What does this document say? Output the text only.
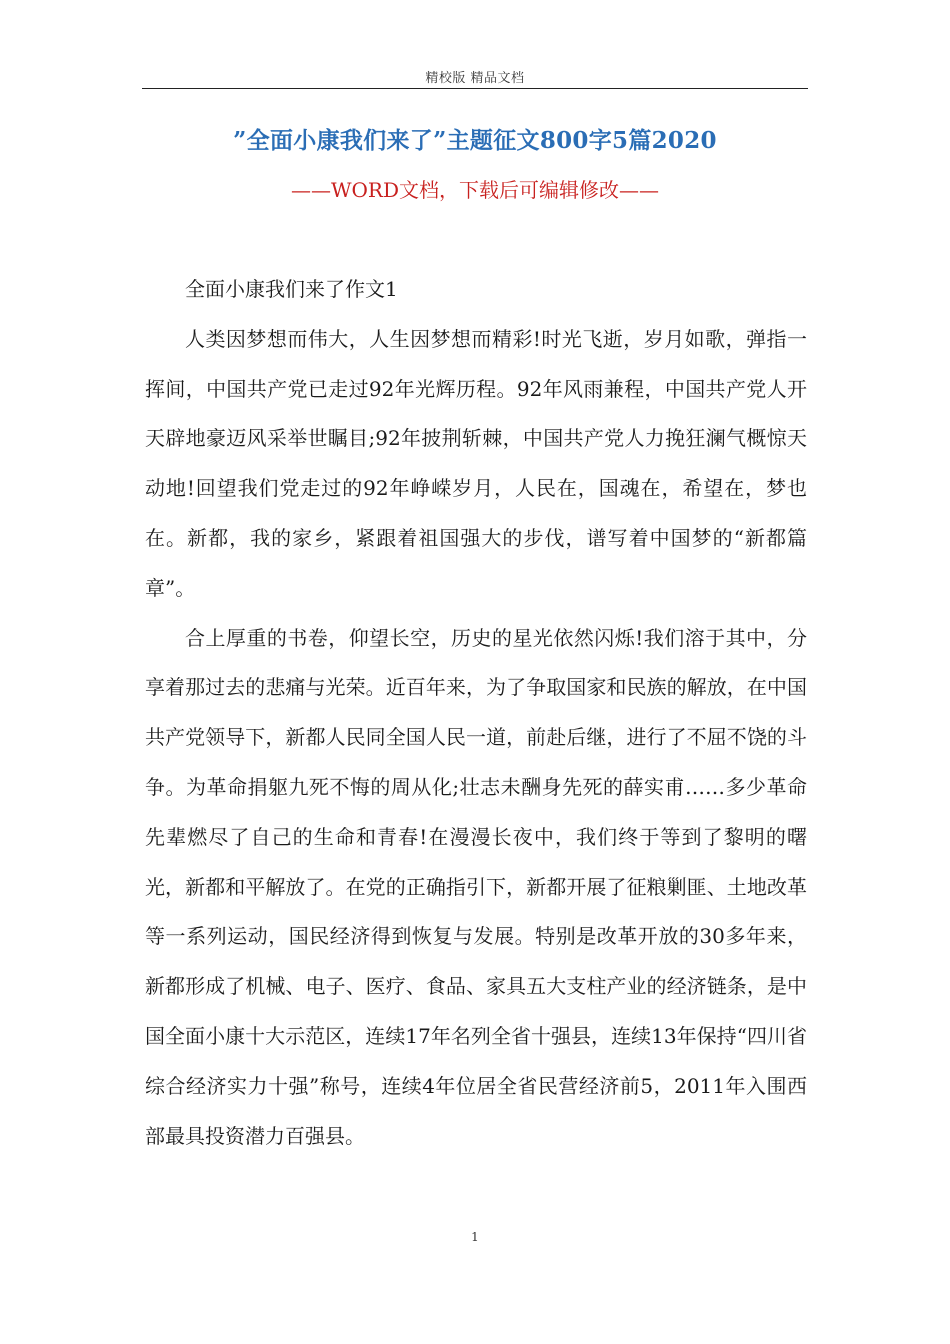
精校版 精品文档
”全面小康我们来了”主题征文800字5篇2020
——WORD文档，下载后可编辑修改——

全面小康我们来了作文1

人类因梦想而伟大，人生因梦想而精彩!时光飞逝，岁月如歌，弹指一挥间，中国共产党已走过92年光辉历程。92年风雨兼程，中国共产党人开天辟地豪迈风采举世瞩目;92年披荆斩棘，中国共产党人力挽狂澜气概惊天动地!回望我们党走过的92年峥嵘岁月，人民在，国魂在，希望在，梦也在。新都，我的家乡，紧跟着祖国强大的步伐，谱写着中国梦的“新都篇章”。

合上厚重的书卷，仰望长空，历史的星光依然闪烁!我们溶于其中，分享着那过去的悲痛与光荣。近百年来，为了争取国家和民族的解放，在中国共产党领导下，新都人民同全国人民一道，前赴后继，进行了不屈不饶的斗争。为革命捐躯九死不悔的周从化;壮志未酬身先死的薛实甫……多少革命先辈燃尽了自己的生命和青春!在漫漫长夜中，我们终于等到了黎明的曙光，新都和平解放了。在党的正确指引下，新都开展了征粮剿匪、土地改革等一系列运动，国民经济得到恢复与发展。特别是改革开放的30多年来，新都形成了机械、电子、医疗、食品、家具五大支柱产业的经济链条，是中国全面小康十大示范区，连续17年名列全省十强县，连续13年保持“四川省综合经济实力十强”称号，连续4年位居全省民营经济前5，2011年入围西部最具投资潜力百强县。

1
